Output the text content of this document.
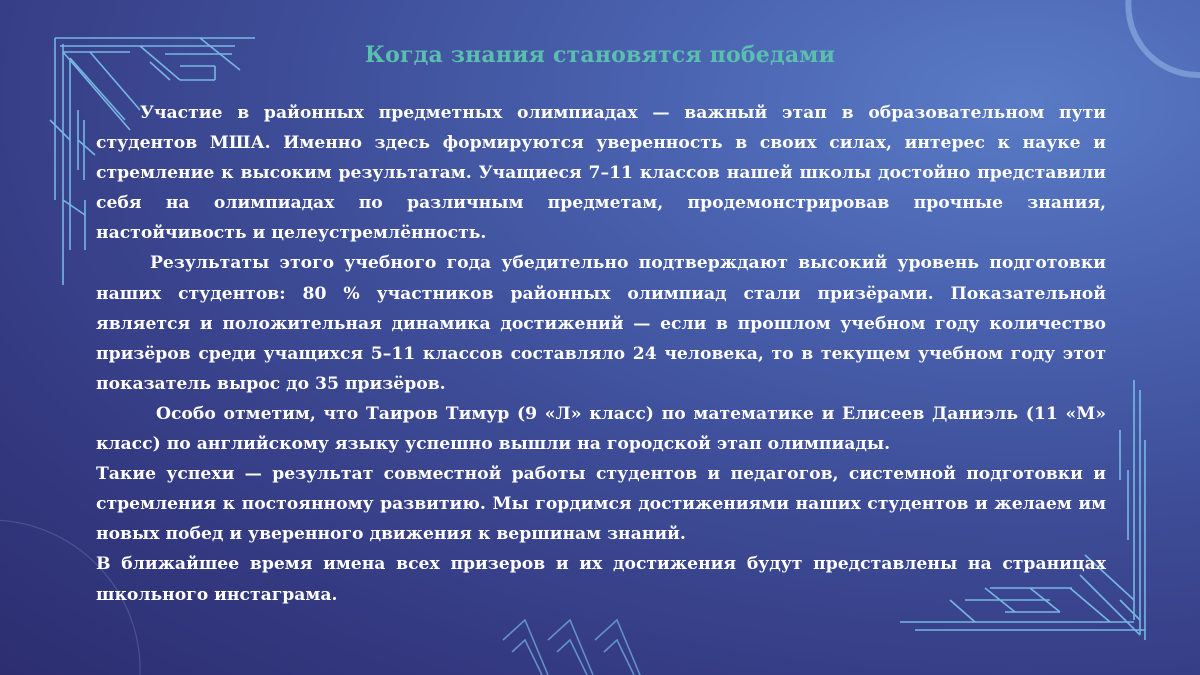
Когда знания становятся победами

Участие в районных предметных олимпиадах — важный этап в образовательном пути студентов МША. Именно здесь формируются уверенность в своих силах, интерес к науке и стремление к высоким результатам. Учащиеся 7–11 классов нашей школы достойно представили себя на олимпиадах по различным предметам, продемонстрировав прочные знания, настойчивость и целеустремлённость.

Результаты этого учебного года убедительно подтверждают высокий уровень подготовки наших студентов: 80 % участников районных олимпиад стали призёрами. Показательной является и положительная динамика достижений — если в прошлом учебном году количество призёров среди учащихся 5–11 классов составляло 24 человека, то в текущем учебном году этот показатель вырос до 35 призёров.

Особо отметим, что Таиров Тимур (9 «Л» класс) по математике и Елисеев Даниэль (11 «М» класс) по английскому языку успешно вышли на городской этап олимпиады.

Такие успехи — результат совместной работы студентов и педагогов, системной подготовки и стремления к постоянному развитию. Мы гордимся достижениями наших студентов и желаем им новых побед и уверенного движения к вершинам знаний.

В ближайшее время имена всех призеров и их достижения будут представлены на страницах школьного инстаграма.
